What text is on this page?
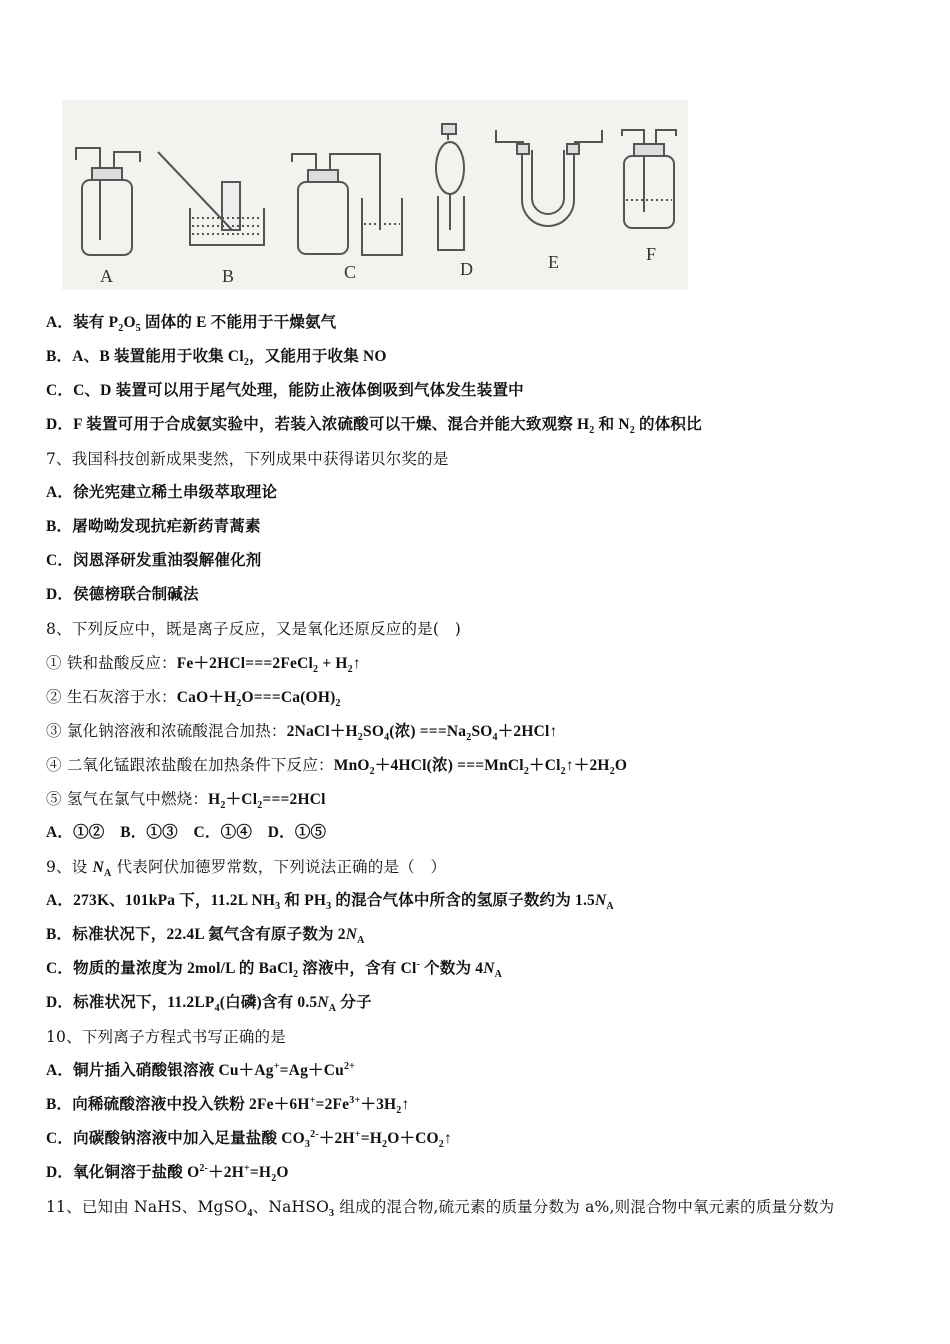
A	B	C	D	E	F
A．装有 $P_2O_5$ 固体的 E 不能用于干燥氨气
B．A、B 装置能用于收集 $Cl_2$，又能用于收集 NO
C．C、D 装置可以用于尾气处理，能防止液体倒吸到气体发生装置中
D．F 装置可用于合成氨实验中，若装入浓硫酸可以干燥、混合并能大致观察 $H_2$ 和 $N_2$ 的体积比
7、我国科技创新成果斐然，下列成果中获得诺贝尔奖的是
A．徐光宪建立稀土串级萃取理论
B．屠呦呦发现抗疟新药青蒿素
C．闵恩泽研发重油裂解催化剂
D．侯德榜联合制碱法
8、下列反应中，既是离子反应，又是氧化还原反应的是(　)
① 铁和盐酸反应：Fe＋2HCl===2FeCl$_2$ + $H_2↑$
② 生石灰溶于水：$CaO+H_2O===Ca(OH)_2$
③ 氯化钠溶液和浓硫酸混合加热：$2NaCl+H_2SO_4$(浓) $===Na_2SO_4+2HCl↑$
④ 二氧化锰跟浓盐酸在加热条件下反应：MnO$_2$＋4HCl(浓) $===MnCl_2+Cl_2↑+2H_2O$
⑤ 氢气在氯气中燃烧：$H_2+Cl_2===2HCl$
A．①②　B．①③　C．①④　D．①⑤
9、设 $N_A$ 代表阿伏加德罗常数，下列说法正确的是（　）
A．273K、101kPa 下，11.2L $NH_3$ 和 $PH_3$ 的混合气体中所含的氢原子数约为 $1.5N_A$
B．标准状况下，22.4L 氦气含有原子数为 $2N_A$
C．物质的量浓度为 2mol/L 的 BaCl$_2$ 溶液中，含有 Cl- 个数为 $4N_A$
D．标准状况下，$11.2LP_4$(白磷)含有 $0.5N_A$ 分子
10、下列离子方程式书写正确的是
A．铜片插入硝酸银溶液 $Cu+Ag^+=Ag+Cu^{2+}$
B．向稀硫酸溶液中投入铁粉 $2Fe+6H^+=2Fe^{3+}+3H_2↑$
C．向碳酸钠溶液中加入足量盐酸 $CO_3^{2-}+2H^+=H_2O+CO_2↑$
D．氧化铜溶于盐酸 $O^{2-}+2H^+=H_2O$
11、已知由 NaHS、MgSO$_4$、NaHSO$_3$ 组成的混合物,硫元素的质量分数为 a%,则混合物中氧元素的质量分数为
